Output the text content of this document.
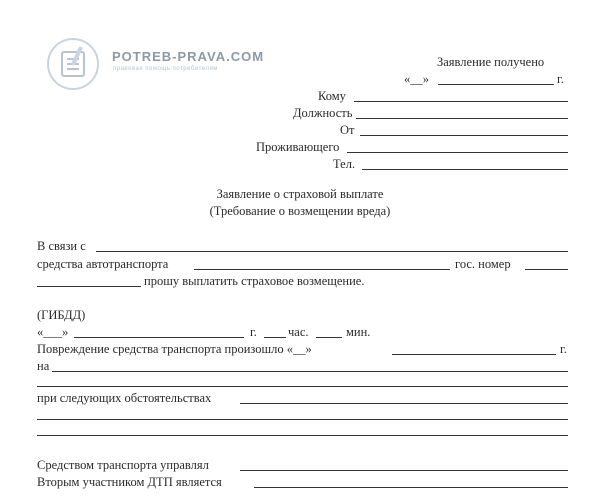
POTREB-PRAVA.COM
правовая помощь потребителям	Заявление получено
«__»	г.
Кому
Должность
От
Проживающего
Тел.
Заявление о страховой выплате
(Требование о возмещении вреда)
В связи с
средства автотранспорта	гос. номер
прошу выплатить страховое возмещение.
(ГИБДД)
«___»	г. час.	мин.
Повреждение средства транспорта произошло «__»	г.
на
при следующих обстоятельствах
Средством транспорта управлял
Вторым участником ДТП является
